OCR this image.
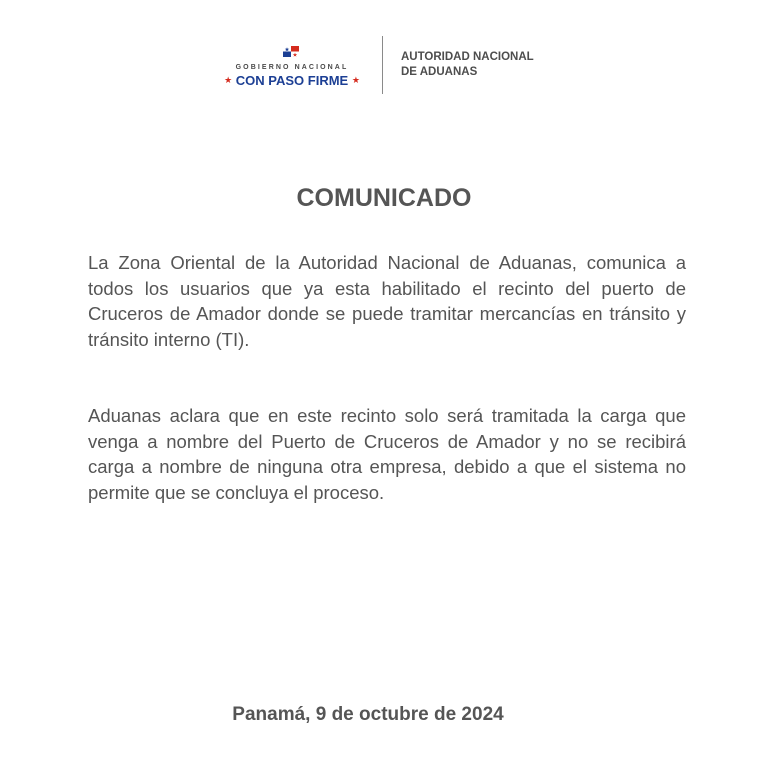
GOBIERNO NACIONAL
★ CON PASO FIRME ★
AUTORIDAD NACIONAL
DE ADUANAS
COMUNICADO
La Zona Oriental de la Autoridad Nacional de Aduanas, comunica a todos los usuarios que ya esta habilitado el recinto del puerto de Cruceros de Amador donde se puede tramitar mercancías en tránsito y tránsito interno (TI).
Aduanas aclara que en este recinto solo será tramitada la carga que venga a nombre del Puerto de Cruceros de Amador y no se recibirá carga a nombre de ninguna otra empresa, debido a que el sistema no permite que se concluya el proceso.
Panamá, 9 de octubre de 2024
